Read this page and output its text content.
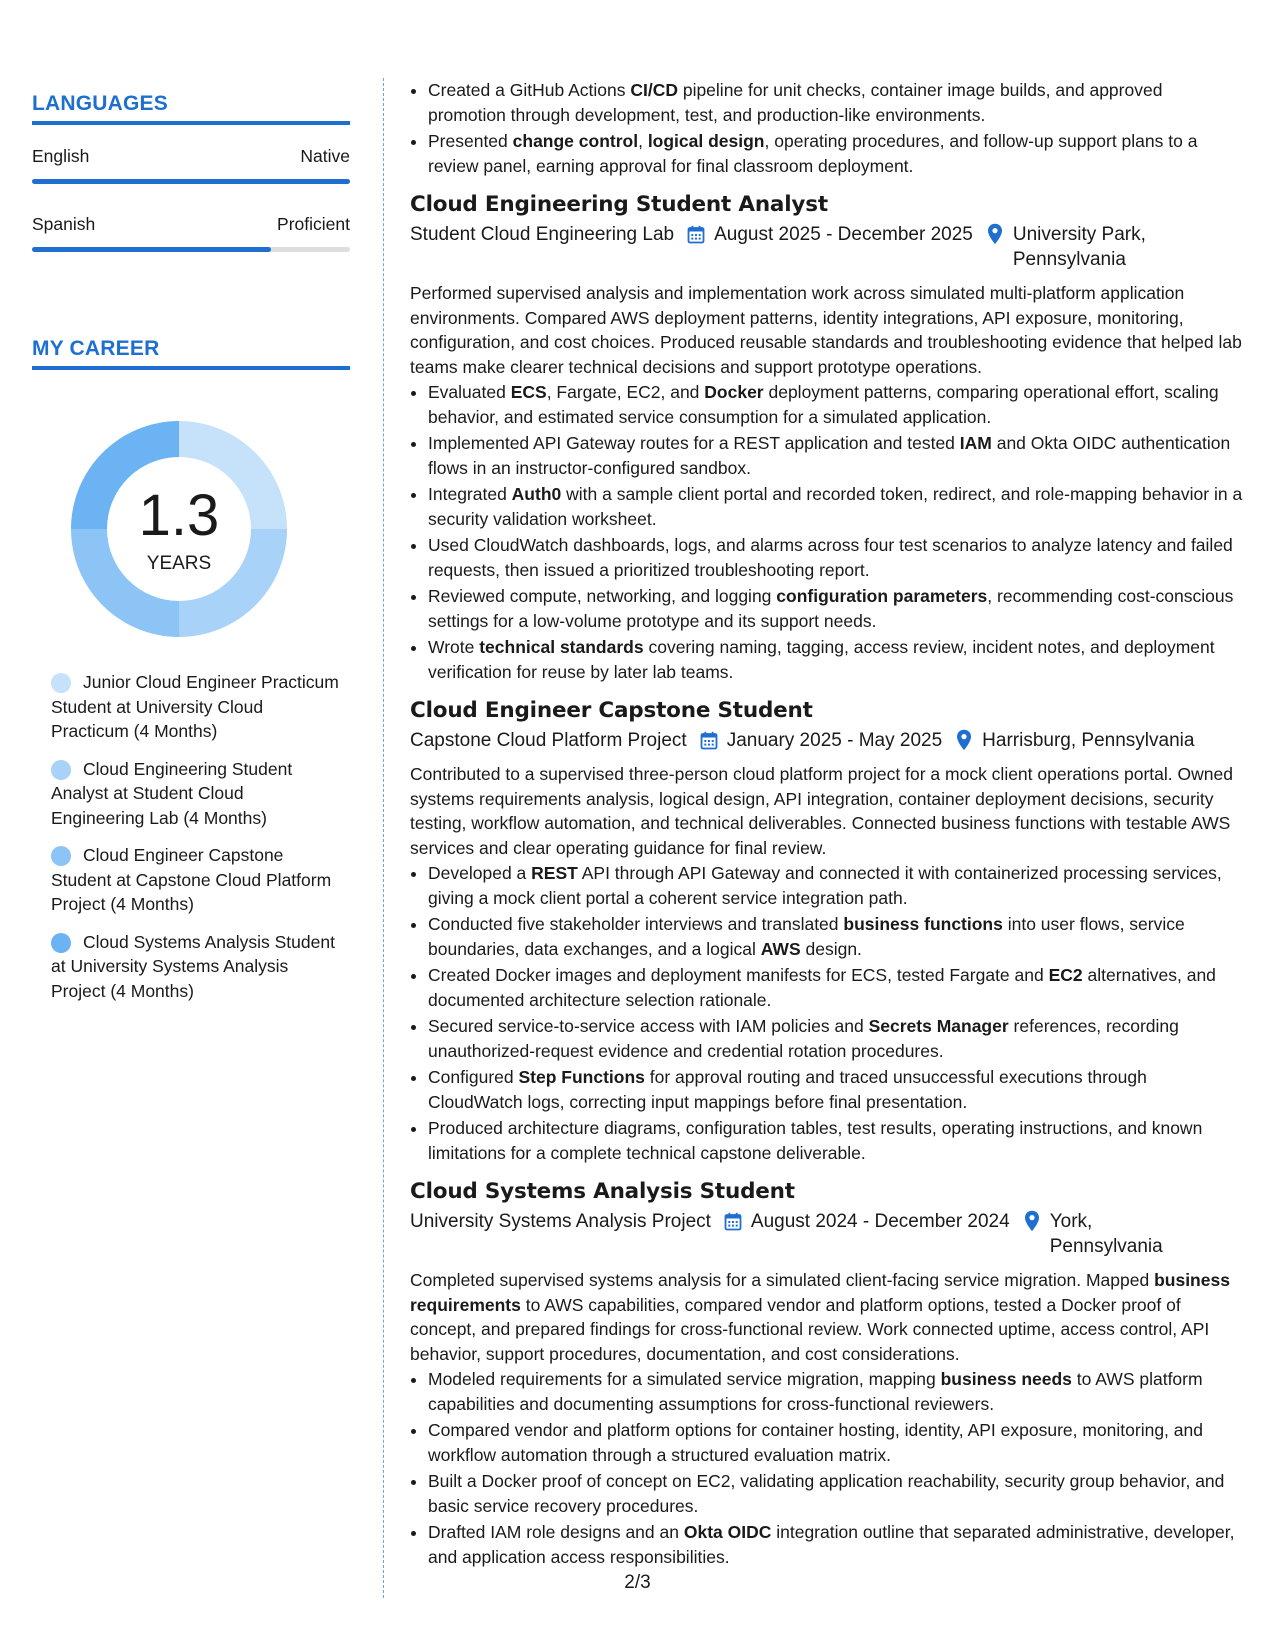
LANGUAGES
English	Native
Spanish	Proficient
MY CAREER
1.3
YEARS
Junior Cloud Engineer Practicum Student at University Cloud Practicum (4 Months)
Cloud Engineering Student Analyst at Student Cloud Engineering Lab (4 Months)
Cloud Engineer Capstone Student at Capstone Cloud Platform Project (4 Months)
Cloud Systems Analysis Student at University Systems Analysis Project (4 Months)
• Created a GitHub Actions CI/CD pipeline for unit checks, container image builds, and approved promotion through development, test, and production-like environments.
• Presented change control, logical design, operating procedures, and follow-up support plans to a review panel, earning approval for final classroom deployment.
Cloud Engineering Student Analyst
Student Cloud Engineering Lab August 2025 - December 2025 University Park, Pennsylvania

Performed supervised analysis and implementation work across simulated multi-platform application environments. Compared AWS deployment patterns, identity integrations, API exposure, monitoring, configuration, and cost choices. Produced reusable standards and troubleshooting evidence that helped lab teams make clearer technical decisions and support prototype operations.

• Evaluated ECS, Fargate, EC2, and Docker deployment patterns, comparing operational effort, scaling behavior, and estimated service consumption for a simulated application.
• Implemented API Gateway routes for a REST application and tested IAM and Okta OIDC authentication flows in an instructor-configured sandbox.
• Integrated Auth0 with a sample client portal and recorded token, redirect, and role-mapping behavior in a security validation worksheet.
• Used CloudWatch dashboards, logs, and alarms across four test scenarios to analyze latency and failed requests, then issued a prioritized troubleshooting report.
• Reviewed compute, networking, and logging configuration parameters, recommending cost-conscious settings for a low-volume prototype and its support needs.
• Wrote technical standards covering naming, tagging, access review, incident notes, and deployment verification for reuse by later lab teams.
Cloud Engineer Capstone Student
Capstone Cloud Platform Project January 2025 - May 2025 Harrisburg, Pennsylvania

Contributed to a supervised three-person cloud platform project for a mock client operations portal. Owned systems requirements analysis, logical design, API integration, container deployment decisions, security testing, workflow automation, and technical deliverables. Connected business functions with testable AWS services and clear operating guidance for final review.

• Developed a REST API through API Gateway and connected it with containerized processing services, giving a mock client portal a coherent service integration path.
• Conducted five stakeholder interviews and translated business functions into user flows, service boundaries, data exchanges, and a logical AWS design.
• Created Docker images and deployment manifests for ECS, tested Fargate and EC2 alternatives, and documented architecture selection rationale.
• Secured service-to-service access with IAM policies and Secrets Manager references, recording unauthorized-request evidence and credential rotation procedures.
• Configured Step Functions for approval routing and traced unsuccessful executions through CloudWatch logs, correcting input mappings before final presentation.
• Produced architecture diagrams, configuration tables, test results, operating instructions, and known limitations for a complete technical capstone deliverable.
Cloud Systems Analysis Student
University Systems Analysis Project August 2024 - December 2024 York, Pennsylvania

Completed supervised systems analysis for a simulated client-facing service migration. Mapped business requirements to AWS capabilities, compared vendor and platform options, tested a Docker proof of concept, and prepared findings for cross-functional review. Work connected uptime, access control, API behavior, support procedures, documentation, and cost considerations.

• Modeled requirements for a simulated service migration, mapping business needs to AWS platform capabilities and documenting assumptions for cross-functional reviewers.
• Compared vendor and platform options for container hosting, identity, API exposure, monitoring, and workflow automation through a structured evaluation matrix.
• Built a Docker proof of concept on EC2, validating application reachability, security group behavior, and basic service recovery procedures.
• Drafted IAM role designs and an Okta OIDC integration outline that separated administrative, developer, and application access responsibilities.
2/3
